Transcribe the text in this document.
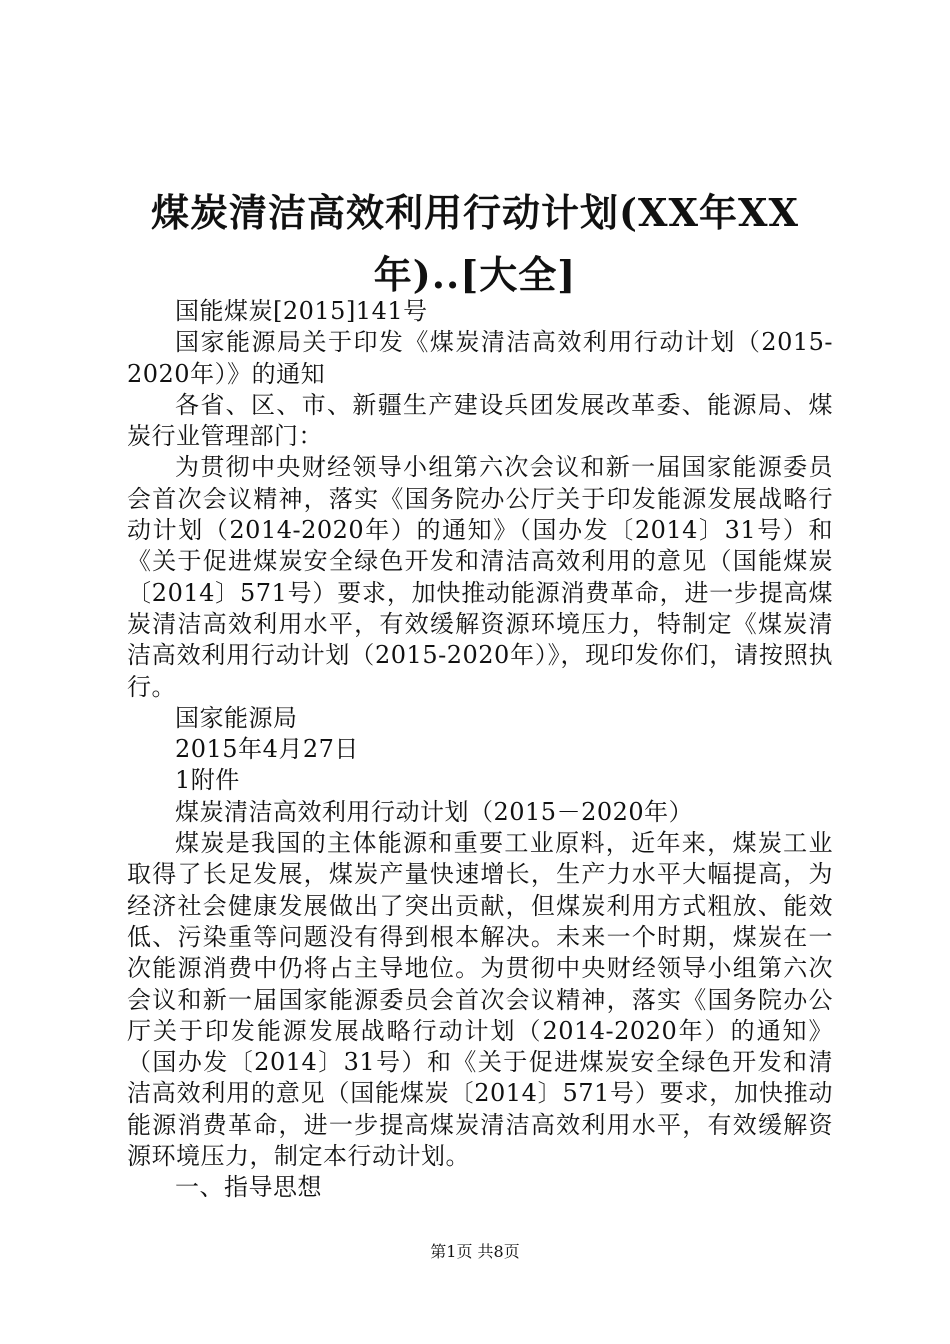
煤炭清洁高效利用行动计划(XX年XX年)..[大全]

国能煤炭[2015]141号

国家能源局关于印发《煤炭清洁高效利用行动计划（2015-2020年）》的通知

各省、区、市、新疆生产建设兵团发展改革委、能源局、煤炭行业管理部门：

为贯彻中央财经领导小组第六次会议和新一届国家能源委员会首次会议精神，落实《国务院办公厅关于印发能源发展战略行动计划（2014-2020年）的通知》（国办发〔2014〕31号）和《关于促进煤炭安全绿色开发和清洁高效利用的意见（国能煤炭〔2014〕571号）要求，加快推动能源消费革命，进一步提高煤炭清洁高效利用水平，有效缓解资源环境压力，特制定《煤炭清洁高效利用行动计划（2015-2020年）》，现印发你们，请按照执行。

国家能源局

2015年4月27日

1附件

煤炭清洁高效利用行动计划（2015－2020年）

煤炭是我国的主体能源和重要工业原料，近年来，煤炭工业取得了长足发展，煤炭产量快速增长，生产力水平大幅提高，为经济社会健康发展做出了突出贡献，但煤炭利用方式粗放、能效低、污染重等问题没有得到根本解决。未来一个时期，煤炭在一次能源消费中仍将占主导地位。为贯彻中央财经领导小组第六次会议和新一届国家能源委员会首次会议精神，落实《国务院办公厅关于印发能源发展战略行动计划（2014-2020年）的通知》（国办发〔2014〕31号）和《关于促进煤炭安全绿色开发和清洁高效利用的意见（国能煤炭〔2014〕571号）要求，加快推动能源消费革命，进一步提高煤炭清洁高效利用水平，有效缓解资源环境压力，制定本行动计划。

一、指导思想

第1页 共8页
